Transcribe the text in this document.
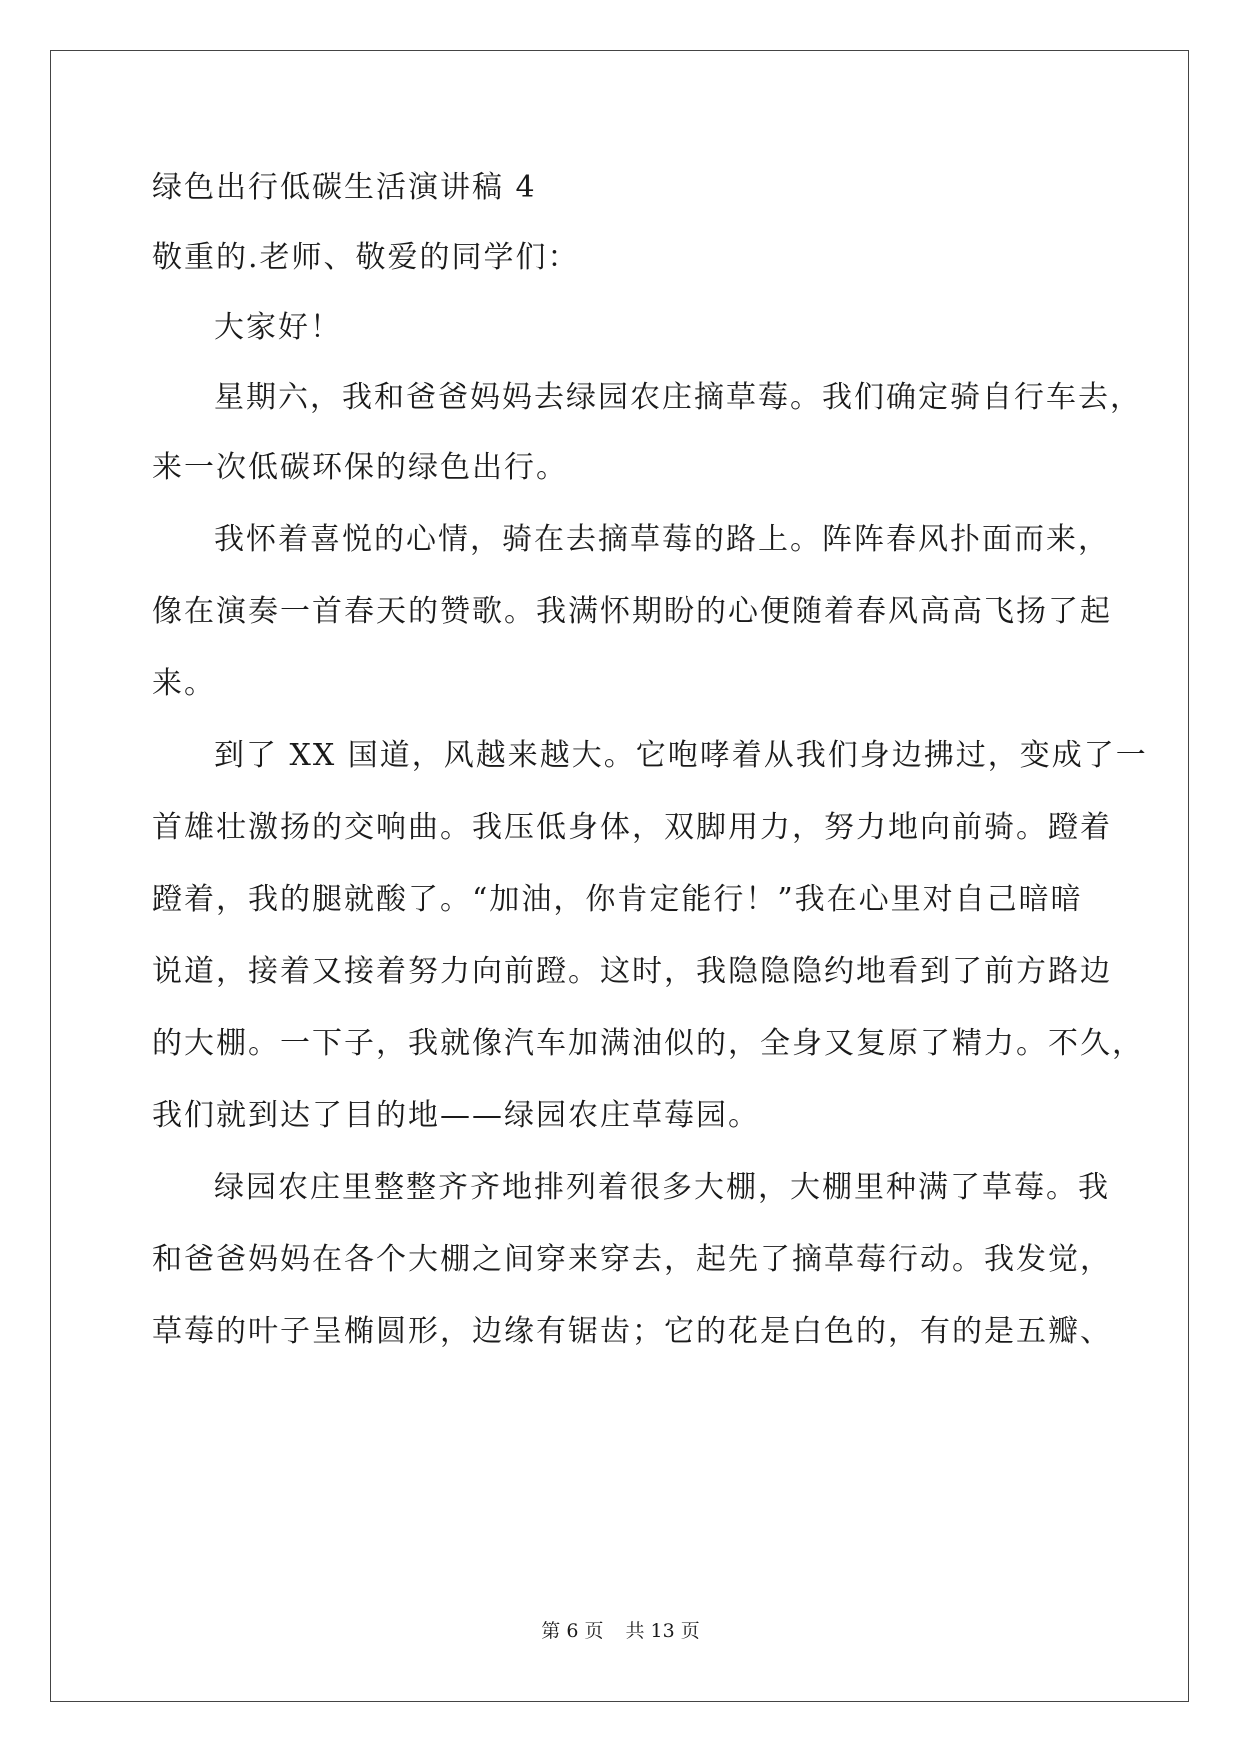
绿色出行低碳生活演讲稿 4
敬重的.老师、敬爱的同学们：
大家好！
星期六，我和爸爸妈妈去绿园农庄摘草莓。我们确定骑自行车去，
来一次低碳环保的绿色出行。
我怀着喜悦的心情，骑在去摘草莓的路上。阵阵春风扑面而来，
像在演奏一首春天的赞歌。我满怀期盼的心便随着春风高高飞扬了起
来。
到了 XX 国道，风越来越大。它咆哮着从我们身边拂过，变成了一
首雄壮激扬的交响曲。我压低身体，双脚用力，努力地向前骑。蹬着
蹬着，我的腿就酸了。“加油，你肯定能行！”我在心里对自己暗暗
说道，接着又接着努力向前蹬。这时，我隐隐隐约地看到了前方路边
的大棚。一下子，我就像汽车加满油似的，全身又复原了精力。不久，
我们就到达了目的地——绿园农庄草莓园。
绿园农庄里整整齐齐地排列着很多大棚，大棚里种满了草莓。我
和爸爸妈妈在各个大棚之间穿来穿去，起先了摘草莓行动。我发觉，
草莓的叶子呈椭圆形，边缘有锯齿；它的花是白色的，有的是五瓣、
第 6 页 共 13 页
